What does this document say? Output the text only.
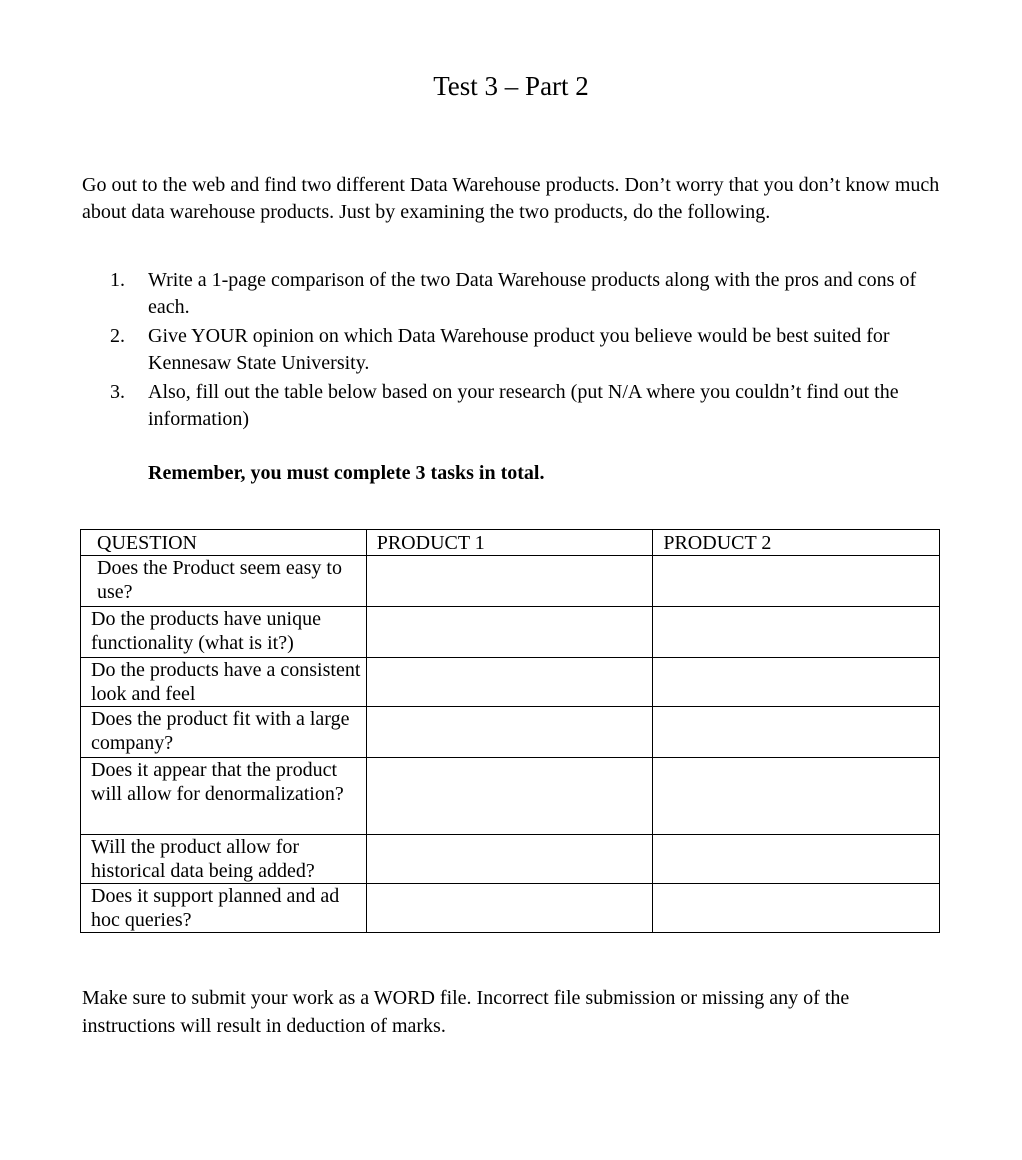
Test 3 – Part 2

Go out to the web and find two different Data Warehouse products. Don’t worry that you don’t know much about data warehouse products. Just by examining the two products, do the following.

1. Write a 1-page comparison of the two Data Warehouse products along with the pros and cons of each.
2. Give YOUR opinion on which Data Warehouse product you believe would be best suited for Kennesaw State University.
3. Also, fill out the table below based on your research (put N/A where you couldn’t find out the information)
Remember, you must complete 3 tasks in total.
QUESTION	PRODUCT 1	PRODUCT 2
Does the Product seem easy to use?		
Do the products have unique functionality (what is it?)		
Do the products have a consistent look and feel		
Does the product fit with a large company?		
Does it appear that the product will allow for denormalization?		
Will the product allow for historical data being added?		
Does it support planned and ad hoc queries?		

Make sure to submit your work as a WORD file. Incorrect file submission or missing any of the instructions will result in deduction of marks.
